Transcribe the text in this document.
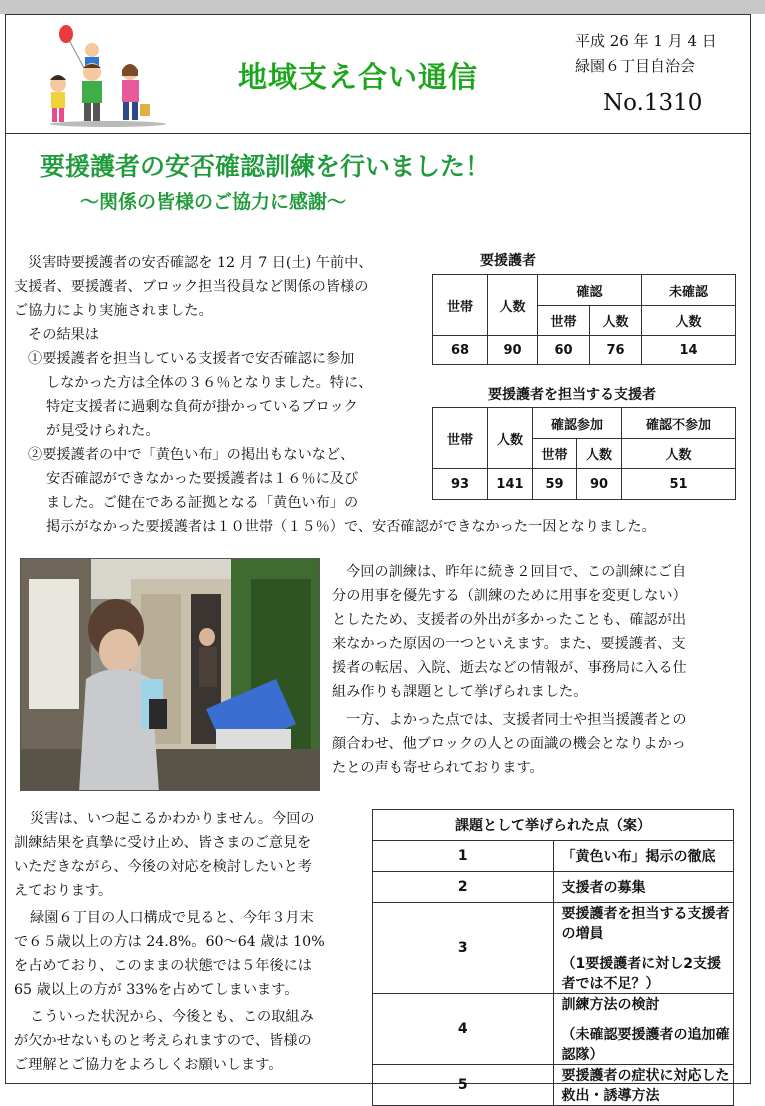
地域支え合い通信
平成 26 年 1 月 4 日
緑園６丁目自治会
No.1310
要援護者の安否確認訓練を行いました！
～関係の皆様のご協力に感謝～
災害時要援護者の安否確認を 12 月 7 日(土) 午前中、
支援者、要援護者、ブロック担当役員など関係の皆様の
ご協力により実施されました。
その結果は
①要援護者を担当している支援者で安否確認に参加
しなかった方は全体の３６％となりました。特に、
特定支援者に過剰な負荷が掛かっているブロック
が見受けられた。
②要援護者の中で「黄色い布」の掲出もないなど、
安否確認ができなかった要援護者は１６％に及び
ました。ご健在である証拠となる「黄色い布」の
掲示がなかった要援護者は１０世帯（１５％）で、安否確認ができなかった一因となりました。
要援護者
世帯	人数	確認		未確認
		世帯	人数	人数
68	90	60	76	14
要援護者を担当する支援者
世帯	人数	確認参加		確認不参加
		世帯	人数	人数
93	141	59	90	51
今回の訓練は、昨年に続き２回目で、この訓練にご自
分の用事を優先する（訓練のために用事を変更しない）
としたため、支援者の外出が多かったことも、確認が出
来なかった原因の一つといえます。また、要援護者、支
援者の転居、入院、逝去などの情報が、事務局に入る仕
組み作りも課題として挙げられました。
一方、よかった点では、支援者同士や担当援護者との
顔合わせ、他ブロックの人との面識の機会となりよかっ
たとの声も寄せられております。
災害は、いつ起こるかわかりません。今回の
訓練結果を真摯に受け止め、皆さまのご意見を
いただきながら、今後の対応を検討したいと考
えております。
緑園６丁目の人口構成で見ると、今年３月末
で６５歳以上の方は 24.8%。60～64 歳は 10%
を占めており、このままの状態では５年後には
65 歳以上の方が 33%を占めてしまいます。
こういった状況から、今後とも、この取組み
が欠かせないものと考えられますので、皆様の
ご理解とご協力をよろしくお願いします。
課題として挙げられた点（案）	
1	「黄色い布」掲示の徹底
2	支援者の募集
3	要援護者を担当する支援者の増員
（1要援護者に対し2支援者では不足？）

4	訓練方法の検討
（未確認要援護者の追加確認隊）

5	要援護者の症状に対応した救出・誘導方法
